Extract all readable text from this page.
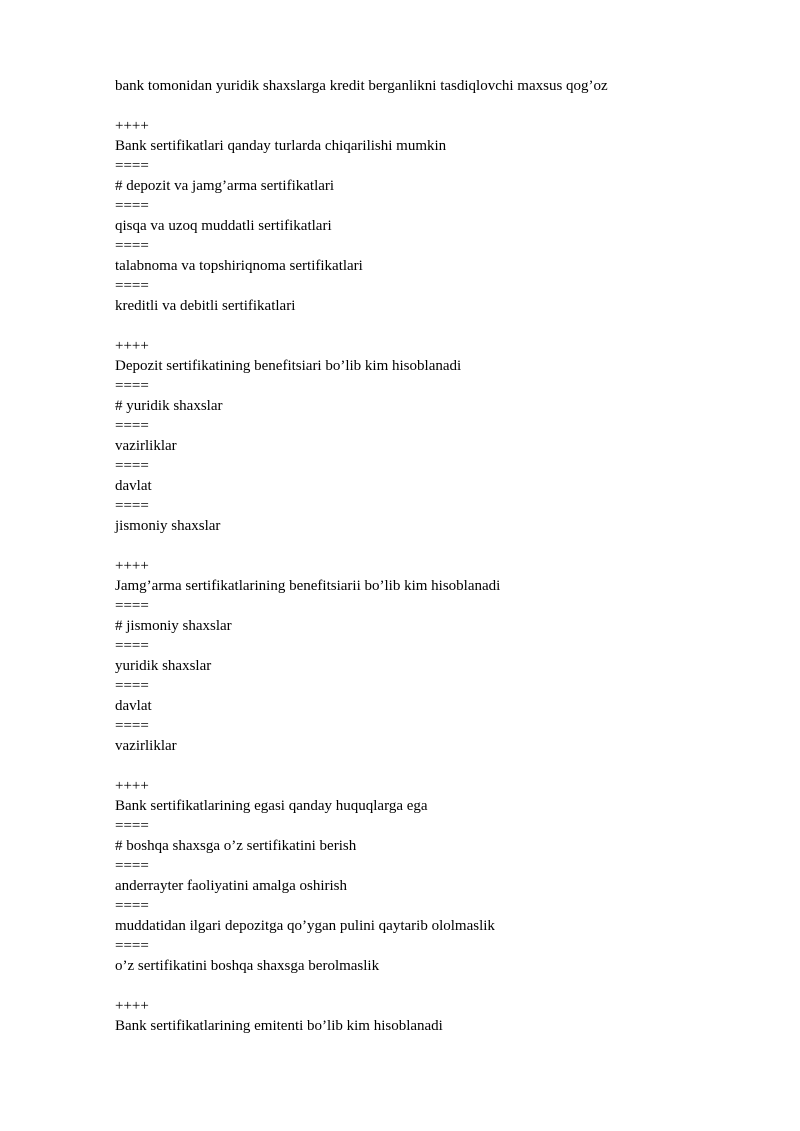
bank tomonidan yuridik shaxslarga kredit berganlikni tasdiqlovchi maxsus qog’oz
++++
Bank sertifikatlari qanday turlarda chiqarilishi mumkin
====
# depozit va jamg’arma sertifikatlari
====
qisqa va uzoq muddatli sertifikatlari
====
talabnoma va topshiriqnoma sertifikatlari
====
kreditli va debitli sertifikatlari
++++
Depozit sertifikatining benefitsiari bo’lib kim hisoblanadi
====
# yuridik shaxslar
====
vazirliklar
====
davlat
====
jismoniy shaxslar
++++
Jamg’arma sertifikatlarining benefitsiarii bo’lib kim hisoblanadi
====
# jismoniy shaxslar
====
yuridik shaxslar
====
davlat
====
vazirliklar
++++
Bank sertifikatlarining egasi qanday huquqlarga ega
====
# boshqa shaxsga o’z sertifikatini berish
====
anderrayter faoliyatini amalga oshirish
====
muddatidan ilgari depozitga qo’ygan pulini qaytarib ololmaslik
====
o’z sertifikatini boshqa shaxsga berolmaslik
++++
Bank sertifikatlarining emitenti bo’lib kim hisoblanadi
